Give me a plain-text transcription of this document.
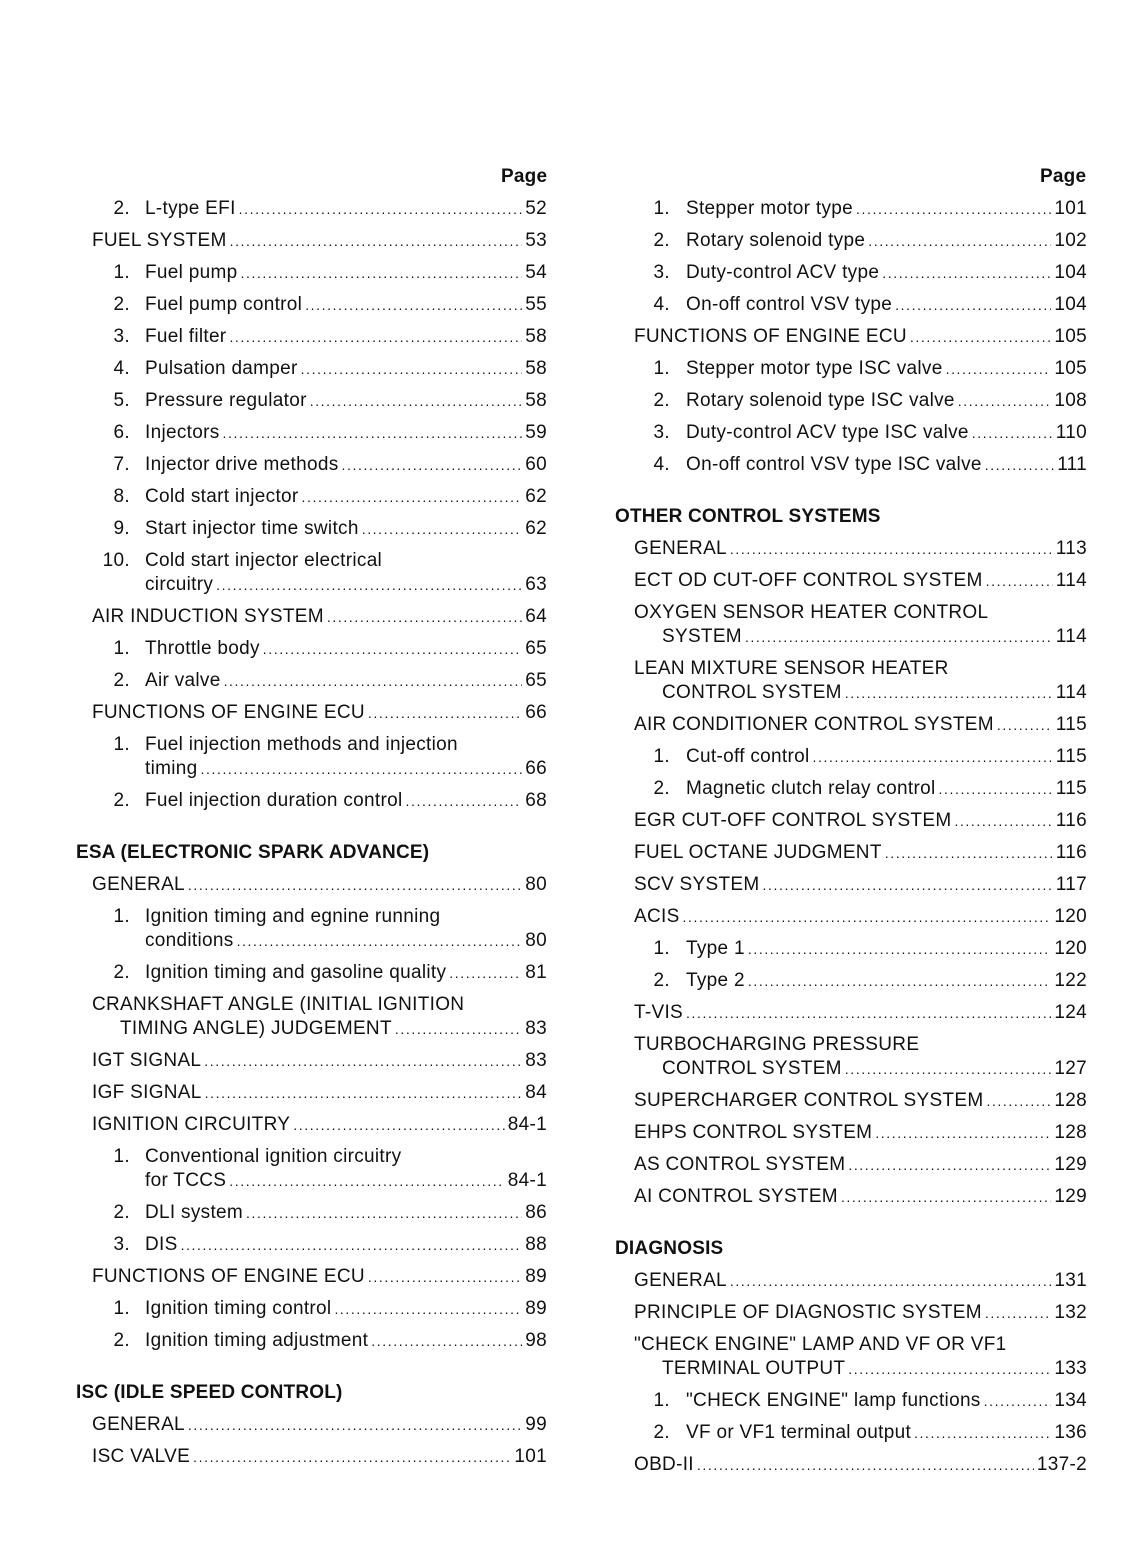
Page
2. L-type EFI .....	52
FUEL SYSTEM .....	53
1. Fuel pump .....	54
2. Fuel pump control .....	55
3. Fuel filter .....	58
4. Pulsation damper .....	58
5. Pressure regulator .....	58
6. Injectors .....	59
7. Injector drive methods .....	60
8. Cold start injector .....	62
9. Start injector time switch .....	62
10. Cold start injector electrical
circuitry .....	63
AIR INDUCTION SYSTEM .....	64
1. Throttle body .....	65
2. Air valve .....	65
FUNCTIONS OF ENGINE ECU .....	66
1. Fuel injection methods and injection
timing .....	66
2. Fuel injection duration control .....	68
ESA (ELECTRONIC SPARK ADVANCE)
GENERAL .....	80
1. Ignition timing and egnine running
conditions .....	80
2. Ignition timing and gasoline quality .....	81
CRANKSHAFT ANGLE (INITIAL IGNITION
TIMING ANGLE) JUDGEMENT .....	83
IGT SIGNAL .....	83
IGF SIGNAL .....	84
IGNITION CIRCUITRY .....	84-1
1. Conventional ignition circuitry
for TCCS .....	84-1
2. DLI system .....	86
3. DIS .....	88
FUNCTIONS OF ENGINE ECU .....	89
1. Ignition timing control .....	89
2. Ignition timing adjustment .....	98
ISC (IDLE SPEED CONTROL)
GENERAL .....	99
ISC VALVE .....	101
Page
1. Stepper motor type .....	101
2. Rotary solenoid type .....	102
3. Duty-control ACV type .....	104
4. On-off control VSV type .....	104
FUNCTIONS OF ENGINE ECU .....	105
1. Stepper motor type ISC valve .....	105
2. Rotary solenoid type ISC valve .....	108
3. Duty-control ACV type ISC valve .....	110
4. On-off control VSV type ISC valve .....	111
OTHER CONTROL SYSTEMS
GENERAL .....	113
ECT OD CUT-OFF CONTROL SYSTEM .....	114
OXYGEN SENSOR HEATER CONTROL
SYSTEM .....	114
LEAN MIXTURE SENSOR HEATER
CONTROL SYSTEM .....	114
AIR CONDITIONER CONTROL SYSTEM .....	115
1. Cut-off control .....	115
2. Magnetic clutch relay control .....	115
EGR CUT-OFF CONTROL SYSTEM .....	116
FUEL OCTANE JUDGMENT .....	116
SCV SYSTEM .....	117
ACIS .....	120
1. Type 1 .....	120
2. Type 2 .....	122
T-VIS .....	124
TURBOCHARGING PRESSURE
CONTROL SYSTEM .....	127
SUPERCHARGER CONTROL SYSTEM .....	128
EHPS CONTROL SYSTEM .....	128
AS CONTROL SYSTEM .....	129
AI CONTROL SYSTEM .....	129
DIAGNOSIS
GENERAL .....	131
PRINCIPLE OF DIAGNOSTIC SYSTEM .....	132
"CHECK ENGINE" LAMP AND VF OR VF1
TERMINAL OUTPUT .....	133
1. "CHECK ENGINE" lamp functions .....	134
2. VF or VF1 terminal output .....	136
OBD-II .....	137-2
